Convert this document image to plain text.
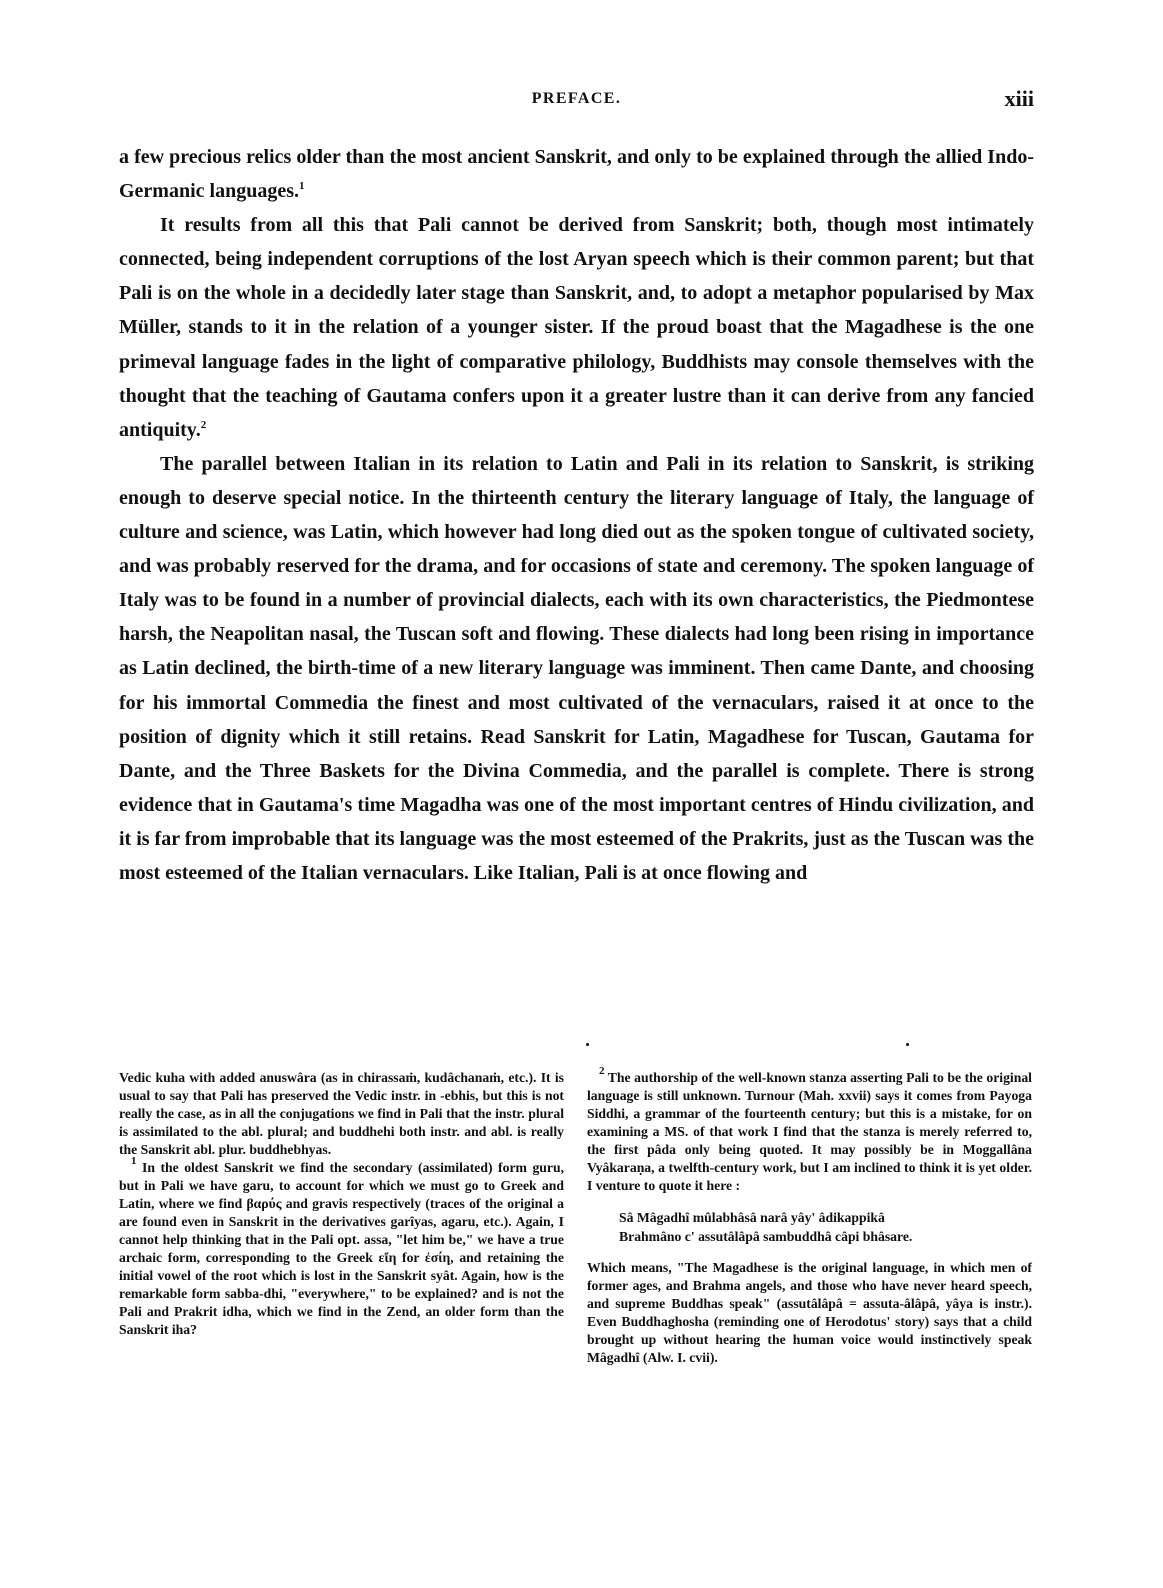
PREFACE.	xiii

a few precious relics older than the most ancient Sanskrit, and only to be explained through the allied Indo-Germanic languages.$^1$

It results from all this that Pali cannot be derived from Sanskrit; both, though most intimately connected, being independent corruptions of the lost Aryan speech which is their common parent; but that Pali is on the whole in a decidedly later stage than Sanskrit, and, to adopt a metaphor popularised by Max Müller, stands to it in the relation of a younger sister. If the proud boast that the Magadhese is the one primeval language fades in the light of comparative philology, Buddhists may console themselves with the thought that the teaching of Gautama confers upon it a greater lustre than it can derive from any fancied antiquity.$^2$

The parallel between Italian in its relation to Latin and Pali in its relation to Sanskrit, is striking enough to deserve special notice. In the thirteenth century the literary language of Italy, the language of culture and science, was Latin, which however had long died out as the spoken tongue of cultivated society, and was probably reserved for the drama, and for occasions of state and ceremony. The spoken language of Italy was to be found in a number of provincial dialects, each with its own characteristics, the Piedmontese harsh, the Neapolitan nasal, the Tuscan soft and flowing. These dialects had long been rising in importance as Latin declined, the birth-time of a new literary language was imminent. Then came Dante, and choosing for his immortal Commedia the finest and most cultivated of the vernaculars, raised it at once to the position of dignity which it still retains. Read Sanskrit for Latin, Magadhese for Tuscan, Gautama for Dante, and the Three Baskets for the Divina Commedia, and the parallel is complete. There is strong evidence that in Gautama's time Magadha was one of the most important centres of Hindu civilization, and it is far from improbable that its language was the most esteemed of the Prakrits, just as the Tuscan was the most esteemed of the Italian vernaculars. Like Italian, Pali is at once flowing and

Vedic kuha with added anuswâra (as in chirassaṁ, kudâchanaṁ, etc.). It is usual to say that Pali has preserved the Vedic instr. in -ebhis, but this is not really the case, as in all the conjugations we find in Pali that the instr. plural is assimilated to the abl. plural; and buddhehi both instr. and abl. is really the Sanskrit abl. plur. buddhebhyas.

$^1$ In the oldest Sanskrit we find the secondary (assimilated) form guru, but in Pali we have garu, to account for which we must go to Greek and Latin, where we find βαρύς and gravis respectively (traces of the original a are found even in Sanskrit in the derivatives garîyas, agaru, etc.). Again, I cannot help thinking that in the Pali opt. assa, "let him be," we have a true archaic form, corresponding to the Greek εἴη for ἐσίη, and retaining the initial vowel of the root which is lost in the Sanskrit syât. Again, how is the remarkable form sabba-dhi, "everywhere," to be explained? and is not the Pali and Prakrit idha, which we find in the Zend, an older form than the Sanskrit iha?

$^2$ The authorship of the well-known stanza asserting Pali to be the original language is still unknown. Turnour (Mah. xxvii) says it comes from Payoga Siddhi, a grammar of the fourteenth century; but this is a mistake, for on examining a MS. of that work I find that the stanza is merely referred to, the first pâda only being quoted. It may possibly be in Moggallâna Vyâkaraṇa, a twelfth-century work, but I am inclined to think it is yet older. I venture to quote it here :

Sâ Mâgadhî mûlabhâsâ narâ yây' âdikappikâ
Brahmâno c' assutâlâpâ sambuddhâ câpi bhâsare.

Which means, "The Magadhese is the original language, in which men of former ages, and Brahma angels, and those who have never heard speech, and supreme Buddhas speak" (assutâlâpâ = assuta-âlâpâ, yâya is instr.). Even Buddhaghosha (reminding one of Herodotus' story) says that a child brought up without hearing the human voice would instinctively speak Mâgadhî (Alw. I. cvii).
